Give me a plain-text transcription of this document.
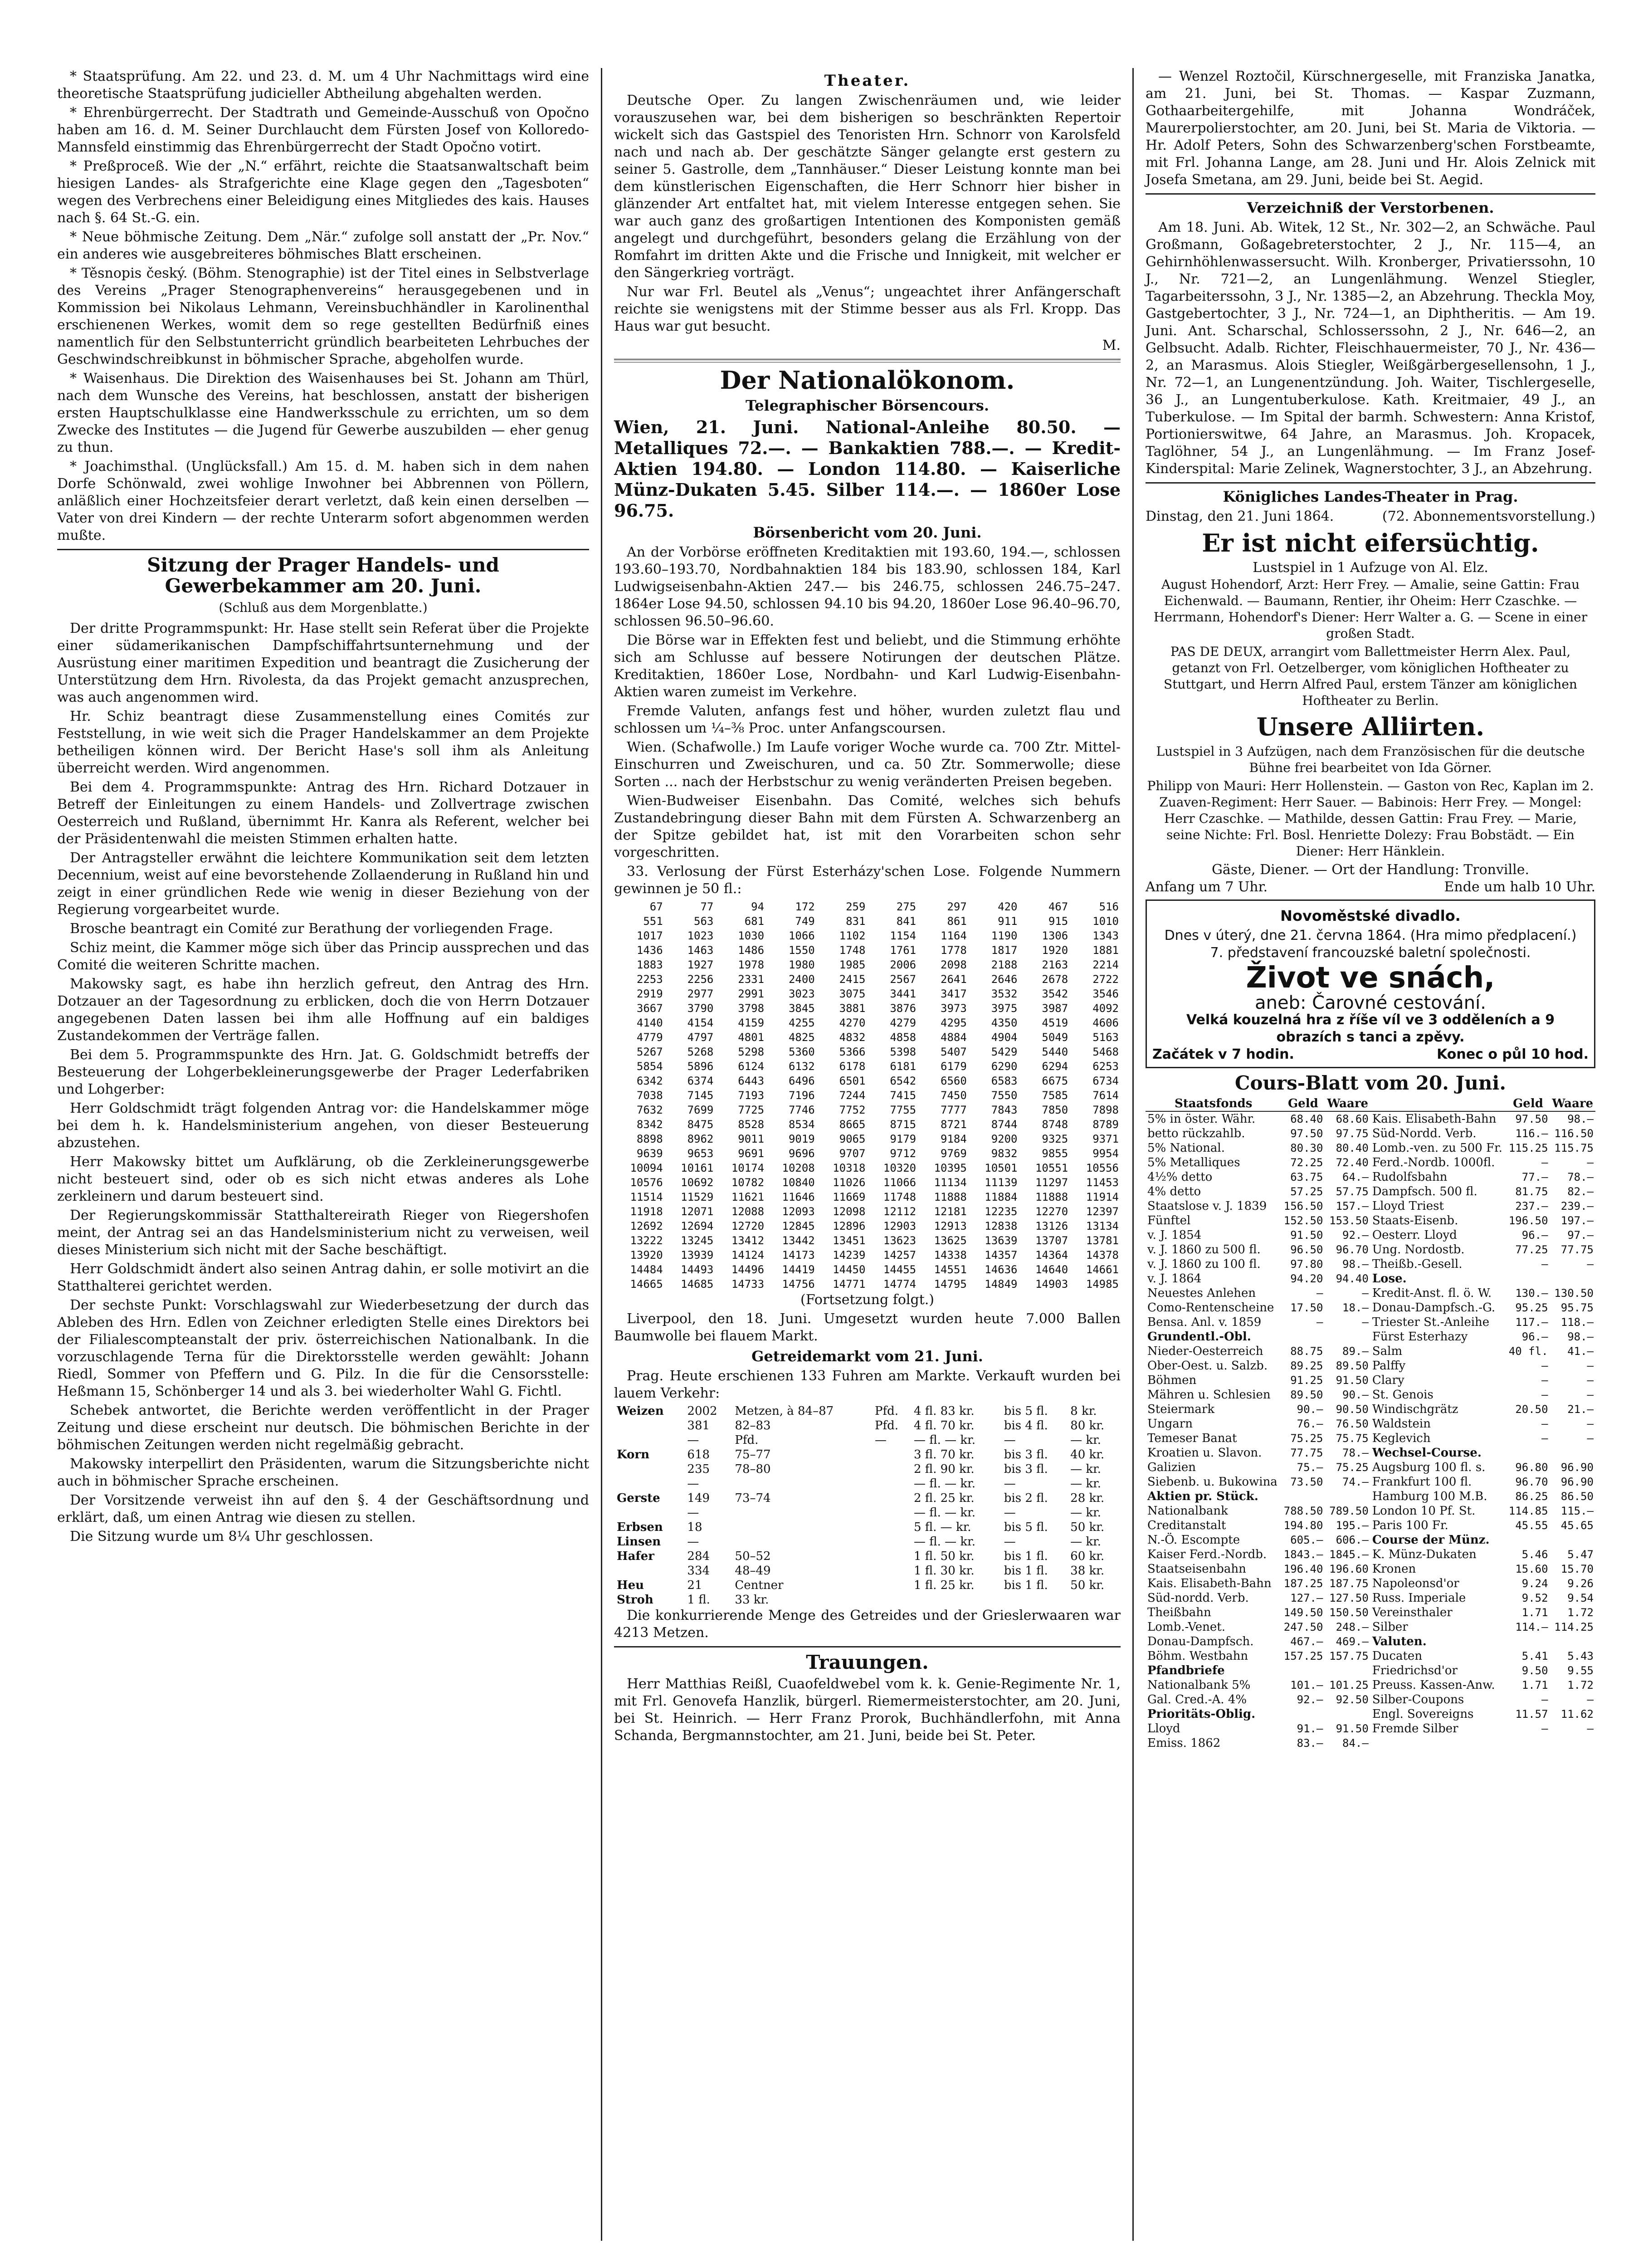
* Staatsprüfung. Am 22. und 23. d. M. um 4 Uhr Nachmittags wird eine theoretische Staatsprüfung judicieller Abtheilung abgehalten werden.

* Ehrenbürgerrecht. Der Stadtrath und Gemeinde-Ausschuß von Opočno haben am 16. d. M. Seiner Durchlaucht dem Fürsten Josef von Kolloredo-Mannsfeld einstimmig das Ehrenbürgerrecht der Stadt Opočno votirt.

* Preßproceß. Wie der „N.“ erfährt, reichte die Staatsanwaltschaft beim hiesigen Landes- als Strafgerichte eine Klage gegen den „Tagesboten“ wegen des Verbrechens einer Beleidigung eines Mitgliedes des kais. Hauses nach §. 64 St.-G. ein.

* Neue böhmische Zeitung. Dem „När.“ zufolge soll anstatt der „Pr. Nov.“ ein anderes wie ausgebreiteres böhmisches Blatt erscheinen.

* Těsnopis český. (Böhm. Stenographie) ist der Titel eines in Selbstverlage des Vereins „Prager Stenographenvereins“ herausgegebenen und in Kommission bei Nikolaus Lehmann, Vereinsbuchhändler in Karolinenthal erschienenen Werkes, womit dem so rege gestellten Bedürfniß eines namentlich für den Selbstunterricht gründlich bearbeiteten Lehrbuches der Geschwindschreibkunst in böhmischer Sprache, abgeholfen wurde.

* Waisenhaus. Die Direktion des Waisenhauses bei St. Johann am Thürl, nach dem Wunsche des Vereins, hat beschlossen, anstatt der bisherigen ersten Hauptschulklasse eine Handwerksschule zu errichten, um so dem Zwecke des Institutes — die Jugend für Gewerbe auszubilden — eher genug zu thun.

* Joachimsthal. (Unglücksfall.) Am 15. d. M. haben sich in dem nahen Dorfe Schönwald, zwei wohlige Inwohner bei Abbrennen von Pöllern, anläßlich einer Hochzeitsfeier derart verletzt, daß kein einen derselben — Vater von drei Kindern — der rechte Unterarm sofort abgenommen werden mußte.

Sitzung der Prager Handels- und Gewerbekammer am 20. Juni.
(Schluß aus dem Morgenblatte.)

Der dritte Programmspunkt: Hr. Hase stellt sein Referat über die Projekte einer südamerikanischen Dampfschiffahrtsunternehmung und der Ausrüstung einer maritimen Expedition und beantragt die Zusicherung der Unterstützung dem Hrn. Rivolesta, da das Projekt gemacht anzusprechen, was auch angenommen wird.

Hr. Schiz beantragt diese Zusammenstellung eines Comités zur Feststellung, in wie weit sich die Prager Handelskammer an dem Projekte betheiligen können wird. Der Bericht Hase's soll ihm als Anleitung überreicht werden. Wird angenommen.

Bei dem 4. Programmspunkte: Antrag des Hrn. Richard Dotzauer in Betreff der Einleitungen zu einem Handels- und Zollvertrage zwischen Oesterreich und Rußland, übernimmt Hr. Kanra als Referent, welcher bei der Präsidentenwahl die meisten Stimmen erhalten hatte.

Der Antragsteller erwähnt die leichtere Kommunikation seit dem letzten Decennium, weist auf eine bevorstehende Zollaenderung in Rußland hin und zeigt in einer gründlichen Rede wie wenig in dieser Beziehung von der Regierung vorgearbeitet wurde.

Brosche beantragt ein Comité zur Berathung der vorliegenden Frage.

Schiz meint, die Kammer möge sich über das Princip aussprechen und das Comité die weiteren Schritte machen.

Makowsky sagt, es habe ihn herzlich gefreut, den Antrag des Hrn. Dotzauer an der Tagesordnung zu erblicken, doch die von Herrn Dotzauer angegebenen Daten lassen bei ihm alle Hoffnung auf ein baldiges Zustandekommen der Verträge fallen.

Bei dem 5. Programmspunkte des Hrn. Jat. G. Goldschmidt betreffs der Besteuerung der Lohgerbekleinerungsgewerbe der Prager Lederfabriken und Lohgerber:

Herr Goldschmidt trägt folgenden Antrag vor: die Handelskammer möge bei dem h. k. Handelsministerium angehen, von dieser Besteuerung abzustehen.

Herr Makowsky bittet um Aufklärung, ob die Zerkleinerungsgewerbe nicht besteuert sind, oder ob es sich nicht etwas anderes als Lohe zerkleinern und darum besteuert sind.

Der Regierungskommissär Statthaltereirath Rieger von Riegershofen meint, der Antrag sei an das Handelsministerium nicht zu verweisen, weil dieses Ministerium sich nicht mit der Sache beschäftigt.

Herr Goldschmidt ändert also seinen Antrag dahin, er solle motivirt an die Statthalterei gerichtet werden.

Der sechste Punkt: Vorschlagswahl zur Wiederbesetzung der durch das Ableben des Hrn. Edlen von Zeichner erledigten Stelle eines Direktors bei der Filialescompteanstalt der priv. österreichischen Nationalbank. In die vorzuschlagende Terna für die Direktorsstelle werden gewählt: Johann Riedl, Sommer von Pfeffern und G. Pilz. In die für die Censorsstelle: Heßmann 15, Schönberger 14 und als 3. bei wiederholter Wahl G. Fichtl.

Schebek antwortet, die Berichte werden veröffentlicht in der Prager Zeitung und diese erscheint nur deutsch. Die böhmischen Berichte in der böhmischen Zeitungen werden nicht regelmäßig gebracht.

Makowsky interpellirt den Präsidenten, warum die Sitzungsberichte nicht auch in böhmischer Sprache erscheinen.

Der Vorsitzende verweist ihn auf den §. 4 der Geschäftsordnung und erklärt, daß, um einen Antrag wie diesen zu stellen.

Die Sitzung wurde um 8¼ Uhr geschlossen.

Theater.

Deutsche Oper. Zu langen Zwischenräumen und, wie leider vorauszusehen war, bei dem bisherigen so beschränkten Repertoir wickelt sich das Gastspiel des Tenoristen Hrn. Schnorr von Karolsfeld nach und nach ab. Der geschätzte Sänger gelangte erst gestern zu seiner 5. Gastrolle, dem „Tannhäuser.“ Dieser Leistung konnte man bei dem künstlerischen Eigenschaften, die Herr Schnorr hier bisher in glänzender Art entfaltet hat, mit vielem Interesse entgegen sehen. Sie war auch ganz des großartigen Intentionen des Komponisten gemäß angelegt und durchgeführt, besonders gelang die Erzählung von der Romfahrt im dritten Akte und die Frische und Innigkeit, mit welcher er den Sängerkrieg vorträgt.

Nur war Frl. Beutel als „Venus“; ungeachtet ihrer Anfängerschaft reichte sie wenigstens mit der Stimme besser aus als Frl. Kropp. Das Haus war gut besucht.

M.

Der Nationalökonom.
Telegraphischer Börsencours.

Wien, 21. Juni. National-Anleihe 80.50. — Metalliques 72.—. — Bankaktien 788.—. — Kredit-Aktien 194.80. — London 114.80. — Kaiserliche Münz-Dukaten 5.45. Silber 114.—. — 1860er Lose 96.75.

Börsenbericht vom 20. Juni.

An der Vorbörse eröffneten Kreditaktien mit 193.60, 194.—, schlossen 193.60–193.70, Nordbahnaktien 184 bis 183.90, schlossen 184, Karl Ludwigseisenbahn-Aktien 247.— bis 246.75, schlossen 246.75–247. 1864er Lose 94.50, schlossen 94.10 bis 94.20, 1860er Lose 96.40–96.70, schlossen 96.50–96.60.

Die Börse war in Effekten fest und beliebt, und die Stimmung erhöhte sich am Schlusse auf bessere Notirungen der deutschen Plätze. Kreditaktien, 1860er Lose, Nordbahn- und Karl Ludwig-Eisenbahn-Aktien waren zumeist im Verkehre.

Fremde Valuten, anfangs fest und höher, wurden zuletzt flau und schlossen um ¼–⅜ Proc. unter Anfangscoursen.

Wien. (Schafwolle.) Im Laufe voriger Woche wurde ca. 700 Ztr. Mittel-Einschurren und Zweischuren, und ca. 50 Ztr. Sommerwolle; diese Sorten ... nach der Herbstschur zu wenig veränderten Preisen begeben.

Wien-Budweiser Eisenbahn. Das Comité, welches sich behufs Zustandebringung dieser Bahn mit dem Fürsten A. Schwarzenberg an der Spitze gebildet hat, ist mit den Vorarbeiten schon sehr vorgeschritten.

33. Verlosung der Fürst Esterházy'schen Lose. Folgende Nummern gewinnen je 50 fl.:

67	77	94	172	259	275	297	420	467	516
551	563	681	749	831	841	861	911	915	1010
1017	1023	1030	1066	1102	1154	1164	1190	1306	1343
1436	1463	1486	1550	1748	1761	1778	1817	1920	1881
1883	1927	1978	1980	1985	2006	2098	2188	2163	2214
2253	2256	2331	2400	2415	2567	2641	2646	2678	2722
2919	2977	2991	3023	3075	3441	3417	3532	3542	3546
3667	3790	3798	3845	3881	3876	3973	3975	3987	4092
4140	4154	4159	4255	4270	4279	4295	4350	4519	4606
4779	4797	4801	4825	4832	4858	4884	4904	5049	5163
5267	5268	5298	5360	5366	5398	5407	5429	5440	5468
5854	5896	6124	6132	6178	6181	6179	6290	6294	6253
6342	6374	6443	6496	6501	6542	6560	6583	6675	6734
7038	7145	7193	7196	7244	7415	7450	7550	7585	7614
7632	7699	7725	7746	7752	7755	7777	7843	7850	7898
8342	8475	8528	8534	8665	8715	8721	8744	8748	8789
8898	8962	9011	9019	9065	9179	9184	9200	9325	9371
9639	9653	9691	9696	9707	9712	9769	9832	9855	9954
10094	10161	10174	10208	10318	10320	10395	10501	10551	10556
10576	10692	10782	10840	11026	11066	11134	11139	11297	11453
11514	11529	11621	11646	11669	11748	11888	11884	11888	11914
11918	12071	12088	12093	12098	12112	12181	12235	12270	12397
12692	12694	12720	12845	12896	12903	12913	12838	13126	13134
13222	13245	13412	13442	13451	13623	13625	13639	13707	13781
13920	13939	14124	14173	14239	14257	14338	14357	14364	14378
14484	14493	14496	14419	14450	14455	14551	14636	14640	14661
14665	14685	14733	14756	14771	14774	14795	14849	14903	14985

(Fortsetzung folgt.)

Liverpool, den 18. Juni. Umgesetzt wurden heute 7.000 Ballen Baumwolle bei flauem Markt.

Getreidemarkt vom 21. Juni.

Prag. Heute erschienen 133 Fuhren am Markte. Verkauft wurden bei lauem Verkehr:

Weizen	2002	Metzen, à 84–87	Pfd.	4 fl. 83 kr.	bis 5 fl.	8 kr.
	381	82–83	Pfd.	4 fl. 70 kr.	bis 4 fl.	80 kr.
	—	Pfd.	—	— fl. — kr.	—	— kr.
Korn	618	75–77		3 fl. 70 kr.	bis 3 fl.	40 kr.
	235	78–80		2 fl. 90 kr.	bis 3 fl.	— kr.
	—			— fl. — kr.	—	— kr.
Gerste	149	73–74		2 fl. 25 kr.	bis 2 fl.	28 kr.
	—			— fl. — kr.	—	— kr.
Erbsen	18			5 fl. — kr.	bis 5 fl.	50 kr.
Linsen	—			— fl. — kr.	—	— kr.
Hafer	284	50–52		1 fl. 50 kr.	bis 1 fl.	60 kr.
	334	48–49		1 fl. 30 kr.	bis 1 fl.	38 kr.
Heu	21	Centner		1 fl. 25 kr.	bis 1 fl.	50 kr.
Stroh	1 fl.	33 kr.				

Die konkurrierende Menge des Getreides und der Grieslerwaaren war 4213 Metzen.

Trauungen.

Herr Matthias Reißl, Cuaofeldwebel vom k. k. Genie-Regimente Nr. 1, mit Frl. Genovefa Hanzlik, bürgerl. Riemermeisterstochter, am 20. Juni, bei St. Heinrich. — Herr Franz Prorok, Buchhändlerfohn, mit Anna Schanda, Bergmannstochter, am 21. Juni, beide bei St. Peter.

— Wenzel Roztočil, Kürschnergeselle, mit Franziska Janatka, am 21. Juni, bei St. Thomas. — Kaspar Zuzmann, Gothaarbeitergehilfe, mit Johanna Wondráček, Maurerpolierstochter, am 20. Juni, bei St. Maria de Viktoria. — Hr. Adolf Peters, Sohn des Schwarzenberg'schen Forstbeamte, mit Frl. Johanna Lange, am 28. Juni und Hr. Alois Zelnick mit Josefa Smetana, am 29. Juni, beide bei St. Aegid.

Verzeichniß der Verstorbenen.

Am 18. Juni. Ab. Witek, 12 St., Nr. 302—2, an Schwäche. Paul Großmann, Goßagebreterstochter, 2 J., Nr. 115—4, an Gehirnhöhlenwassersucht. Wilh. Kronberger, Privatierssohn, 10 J., Nr. 721—2, an Lungenlähmung. Wenzel Stiegler, Tagarbeiterssohn, 3 J., Nr. 1385—2, an Abzehrung. Theckla Moy, Gastgebertochter, 3 J., Nr. 724—1, an Diphtheritis. — Am 19. Juni. Ant. Scharschal, Schlosserssohn, 2 J., Nr. 646—2, an Gelbsucht. Adalb. Richter, Fleischhauermeister, 70 J., Nr. 436—2, an Marasmus. Alois Stiegler, Weißgärbergesellensohn, 1 J., Nr. 72—1, an Lungenentzündung. Joh. Waiter, Tischlergeselle, 36 J., an Lungentuberkulose. Kath. Kreitmaier, 49 J., an Tuberkulose. — Im Spital der barmh. Schwestern: Anna Kristof, Portionierswitwe, 64 Jahre, an Marasmus. Joh. Kropacek, Taglöhner, 54 J., an Lungenlähmung. — Im Franz Josef-Kinderspital: Marie Zelinek, Wagnerstochter, 3 J., an Abzehrung.

Königliches Landes-Theater in Prag.
Dinstag, den 21. Juni 1864.	(72. Abonnementsvorstellung.)
Er ist nicht eifersüchtig.
Lustspiel in 1 Aufzuge von Al. Elz.

August Hohendorf, Arzt: Herr Frey. — Amalie, seine Gattin: Frau Eichenwald. — Baumann, Rentier, ihr Oheim: Herr Czaschke. — Herrmann, Hohendorf's Diener: Herr Walter a. G. — Scene in einer großen Stadt.

PAS DE DEUX, arrangirt vom Ballettmeister Herrn Alex. Paul, getanzt von Frl. Oetzelberger, vom königlichen Hoftheater zu Stuttgart, und Herrn Alfred Paul, erstem Tänzer am königlichen Hoftheater zu Berlin.

Unsere Alliirten.

Lustspiel in 3 Aufzügen, nach dem Französischen für die deutsche Bühne frei bearbeitet von Ida Görner.

Philipp von Mauri: Herr Hollenstein. — Gaston von Rec, Kaplan im 2. Zuaven-Regiment: Herr Sauer. — Babinois: Herr Frey. — Mongel: Herr Czaschke. — Mathilde, dessen Gattin: Frau Frey. — Marie, seine Nichte: Frl. Bosl. Henriette Dolezy: Frau Bobstädt. — Ein Diener: Herr Hänklein.

Gäste, Diener. — Ort der Handlung: Tronville.
Anfang um 7 Uhr.	Ende um halb 10 Uhr.
Novoměstské divadlo.
Dnes v úterý, dne 21. června 1864. (Hra mimo předplacení.)
7. představení francouzské baletní společnosti.
Život ve snách,
aneb: Čarovné cestování.
Velká kouzelná hra z říše víl ve 3 odděleních a 9 obrazích s tanci a zpěvy.
Začátek v 7 hodin.	Konec o půl 10 hod.
Cours-Blatt vom 20. Juni.
Staatsfonds	Geld	Waare		Geld	Waare
5% in öster. Währ.	68.40	68.60	Kais. Elisabeth-Bahn	97.50	98.—
betto rückzahlb.	97.50	97.75	Süd-Nordd. Verb.	116.—	116.50
5% National.	80.30	80.40	Lomb.-ven. zu 500 Fr.	115.25	115.75
5% Metalliques	72.25	72.40	Ferd.-Nordb. 1000fl.	—	—
4½% detto	63.75	64.—	Rudolfsbahn	77.—	78.—
4% detto	57.25	57.75	Dampfsch. 500 fl.	81.75	82.—
Staatslose v. J. 1839	156.50	157.—	Lloyd Triest	237.—	239.—
Fünftel	152.50	153.50	Staats-Eisenb.	196.50	197.—
v. J. 1854	91.50	92.—	Oesterr. Lloyd	96.—	97.—
v. J. 1860 zu 500 fl.	96.50	96.70	Ung. Nordostb.	77.25	77.75
v. J. 1860 zu 100 fl.	97.80	98.—	Theißb.-Gesell.	—	—
v. J. 1864	94.20	94.40	Lose.		
Neuestes Anlehen	—	—	Kredit-Anst. fl. ö. W.	130.—	130.50
Como-Rentenscheine	17.50	18.—	Donau-Dampfsch.-G.	95.25	95.75
Bensa. Anl. v. 1859	—	—	Triester St.-Anleihe	117.—	118.—
Grundentl.-Obl.			Fürst Esterhazy	96.—	98.—
Nieder-Oesterreich	88.75	89.—	Salm	40 fl.	41.—
Ober-Oest. u. Salzb.	89.25	89.50	Palffy	—	—
Böhmen	91.25	91.50	Clary	—	—
Mähren u. Schlesien	89.50	90.—	St. Genois	—	—
Steiermark	90.—	90.50	Windischgrätz	20.50	21.—
Ungarn	76.—	76.50	Waldstein	—	—
Temeser Banat	75.25	75.75	Keglevich	—	—
Kroatien u. Slavon.	77.75	78.—	Wechsel-Course.		
Galizien	75.—	75.25	Augsburg 100 fl. s.	96.80	96.90
Siebenb. u. Bukowina	73.50	74.—	Frankfurt 100 fl.	96.70	96.90
Aktien pr. Stück.			Hamburg 100 M.B.	86.25	86.50
Nationalbank	788.50	789.50	London 10 Pf. St.	114.85	115.—
Creditanstalt	194.80	195.—	Paris 100 Fr.	45.55	45.65
N.-Ö. Escompte	605.—	606.—	Course der Münz.		
Kaiser Ferd.-Nordb.	1843.—	1845.—	K. Münz-Dukaten	5.46	5.47
Staatseisenbahn	196.40	196.60	Kronen	15.60	15.70
Kais. Elisabeth-Bahn	187.25	187.75	Napoleonsd'or	9.24	9.26
Süd-nordd. Verb.	127.—	127.50	Russ. Imperiale	9.52	9.54
Theißbahn	149.50	150.50	Vereinsthaler	1.71	1.72
Lomb.-Venet.	247.50	248.—	Silber	114.—	114.25
Donau-Dampfsch.	467.—	469.—	Valuten.		
Böhm. Westbahn	157.25	157.75	Ducaten	5.41	5.43
Pfandbriefe			Friedrichsd'or	9.50	9.55
Nationalbank 5%	101.—	101.25	Preuss. Kassen-Anw.	1.71	1.72
Gal. Cred.-A. 4%	92.—	92.50	Silber-Coupons	—	—
Prioritäts-Oblig.			Engl. Sovereigns	11.57	11.62
Lloyd	91.—	91.50	Fremde Silber	—	—
Emiss. 1862	83.—	84.—			
